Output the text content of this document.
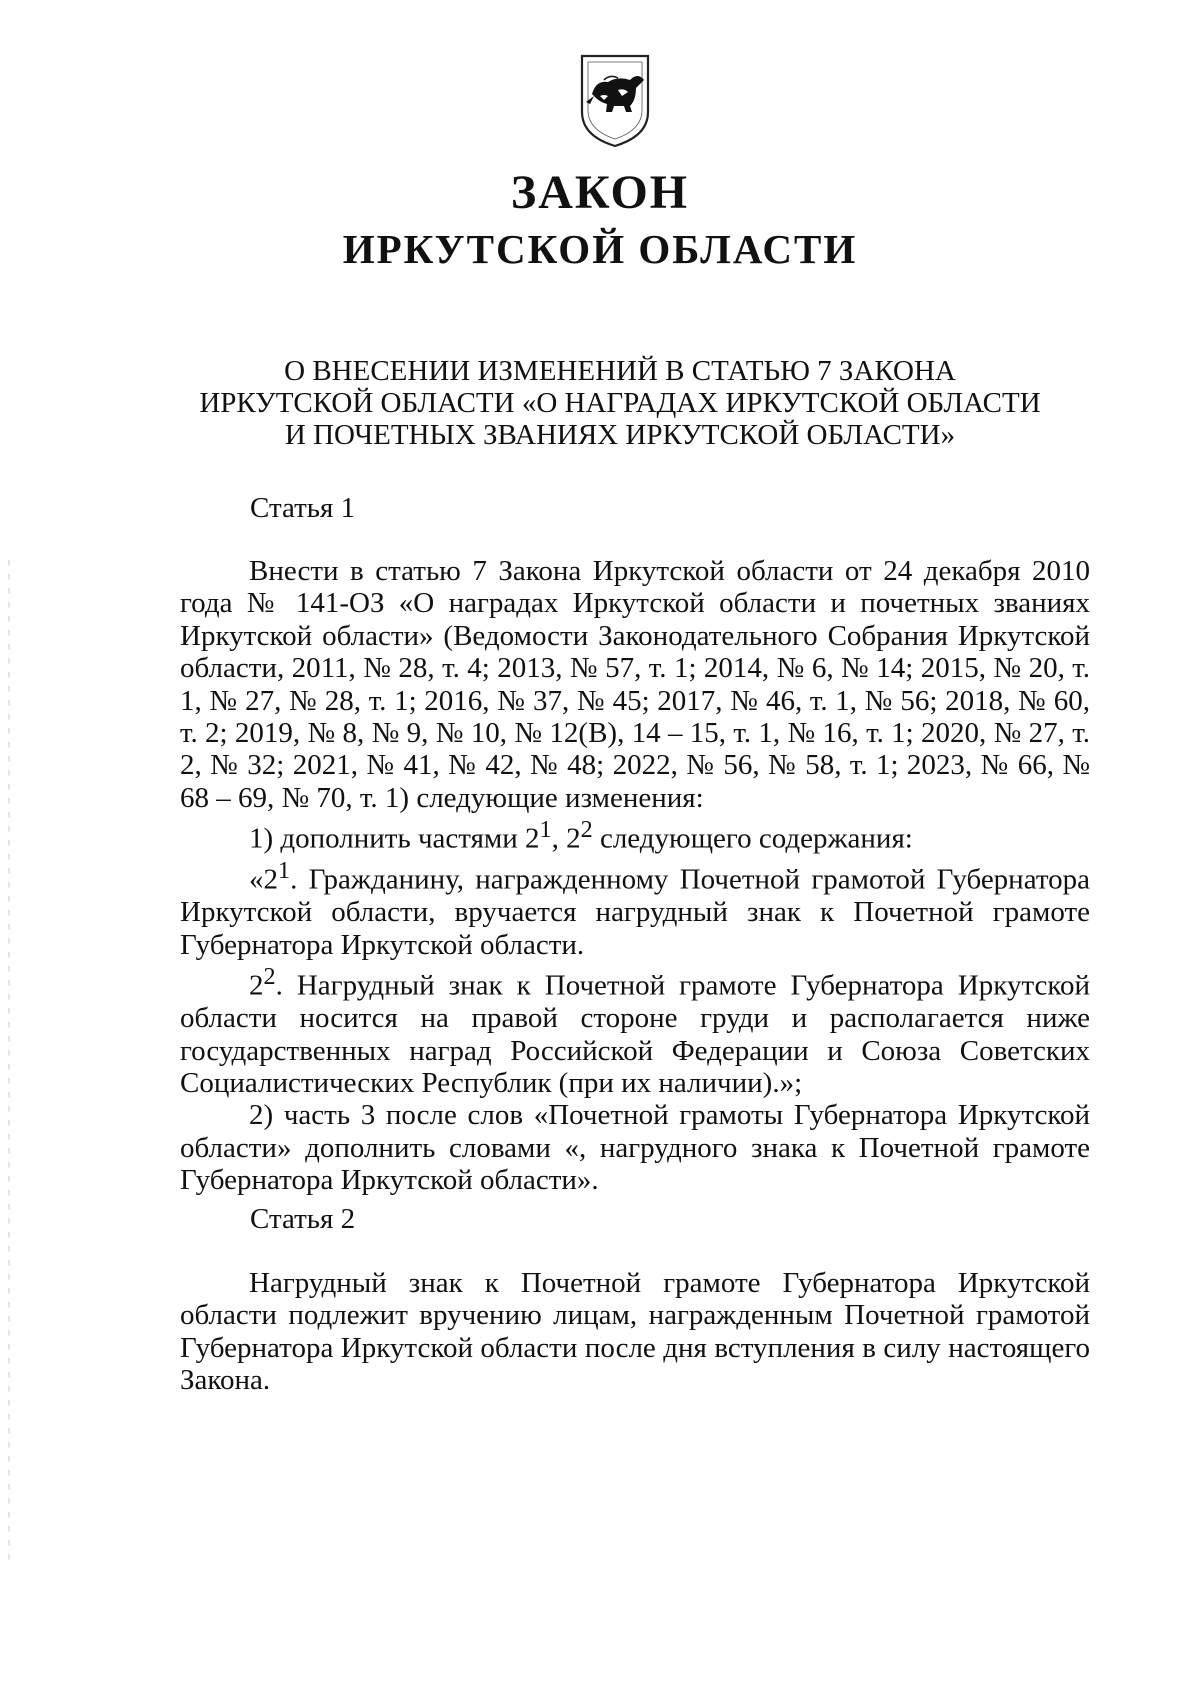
ЗАКОН
ИРКУТСКОЙ ОБЛАСТИ
О ВНЕСЕНИИ ИЗМЕНЕНИЙ В СТАТЬЮ 7 ЗАКОНА
ИРКУТСКОЙ ОБЛАСТИ «О НАГРАДАХ ИРКУТСКОЙ ОБЛАСТИ
И ПОЧЕТНЫХ ЗВАНИЯХ ИРКУТСКОЙ ОБЛАСТИ»

Статья 1

Внести в статью 7 Закона Иркутской области от 24 декабря 2010 года № 141-ОЗ «О наградах Иркутской области и почетных званиях Иркутской области» (Ведомости Законодательного Собрания Иркутской области, 2011, № 28, т. 4; 2013, № 57, т. 1; 2014, № 6, № 14; 2015, № 20, т. 1, № 27, № 28, т. 1; 2016, № 37, № 45; 2017, № 46, т. 1, № 56; 2018, № 60, т. 2; 2019, № 8, № 9, № 10, № 12(В), 14 – 15, т. 1, № 16, т. 1; 2020, № 27, т. 2, № 32; 2021, № 41, № 42, № 48; 2022, № 56, № 58, т. 1; 2023, № 66, № 68 – 69, № 70, т. 1) следующие изменения:

1) дополнить частями $2^1$, $2^2$ следующего содержания:

«$2^1$. Гражданину, награжденному Почетной грамотой Губернатора Иркутской области, вручается нагрудный знак к Почетной грамоте Губернатора Иркутской области.

$2^2$. Нагрудный знак к Почетной грамоте Губернатора Иркутской области носится на правой стороне груди и располагается ниже государственных наград Российской Федерации и Союза Советских Социалистических Республик (при их наличии).»;

2) часть 3 после слов «Почетной грамоты Губернатора Иркутской области» дополнить словами «, нагрудного знака к Почетной грамоте Губернатора Иркутской области».

Статья 2

Нагрудный знак к Почетной грамоте Губернатора Иркутской области подлежит вручению лицам, награжденным Почетной грамотой Губернатора Иркутской области после дня вступления в силу настоящего Закона.
